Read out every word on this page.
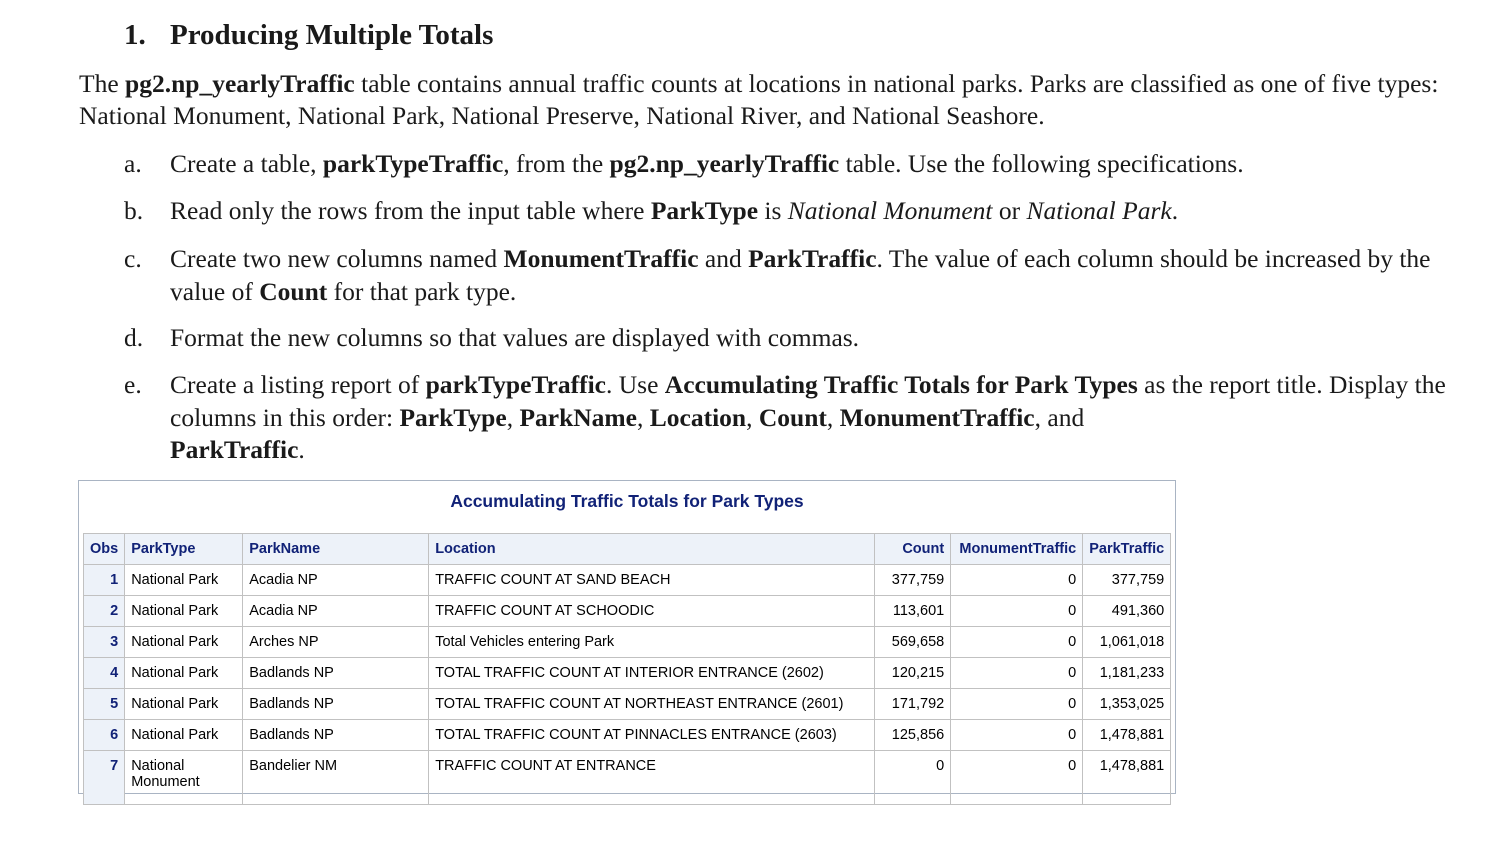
1. Producing Multiple Totals

The pg2.np_yearlyTraffic table contains annual traffic counts at locations in national parks. Parks are classified as one of five types: National Monument, National Park, National Preserve, National River, and National Seashore.

a.	Create a table, parkTypeTraffic, from the pg2.np_yearlyTraffic table. Use the following specifications.
b.	Read only the rows from the input table where ParkType is National Monument or National Park.
c.	Create two new columns named MonumentTraffic and ParkTraffic. The value of each column should be increased by the value of Count for that park type.
d.	Format the new columns so that values are displayed with commas.
e.	Create a listing report of parkTypeTraffic. Use Accumulating Traffic Totals for Park Types as the report title. Display the columns in this order: ParkType, ParkName, Location, Count, MonumentTraffic, and
ParkTraffic.
Accumulating Traffic Totals for Park Types
Obs	ParkType	ParkName	Location	Count	MonumentTraffic	ParkTraffic
1	National Park	Acadia NP	TRAFFIC COUNT AT SAND BEACH	377,759	0	377,759
2	National Park	Acadia NP	TRAFFIC COUNT AT SCHOODIC	113,601	0	491,360
3	National Park	Arches NP	Total Vehicles entering Park	569,658	0	1,061,018
4	National Park	Badlands NP	TOTAL TRAFFIC COUNT AT INTERIOR ENTRANCE (2602)	120,215	0	1,181,233
5	National Park	Badlands NP	TOTAL TRAFFIC COUNT AT NORTHEAST ENTRANCE (2601)	171,792	0	1,353,025
6	National Park	Badlands NP	TOTAL TRAFFIC COUNT AT PINNACLES ENTRANCE (2603)	125,856	0	1,478,881
7	National Monument	Bandelier NM	TRAFFIC COUNT AT ENTRANCE	0	0	1,478,881
